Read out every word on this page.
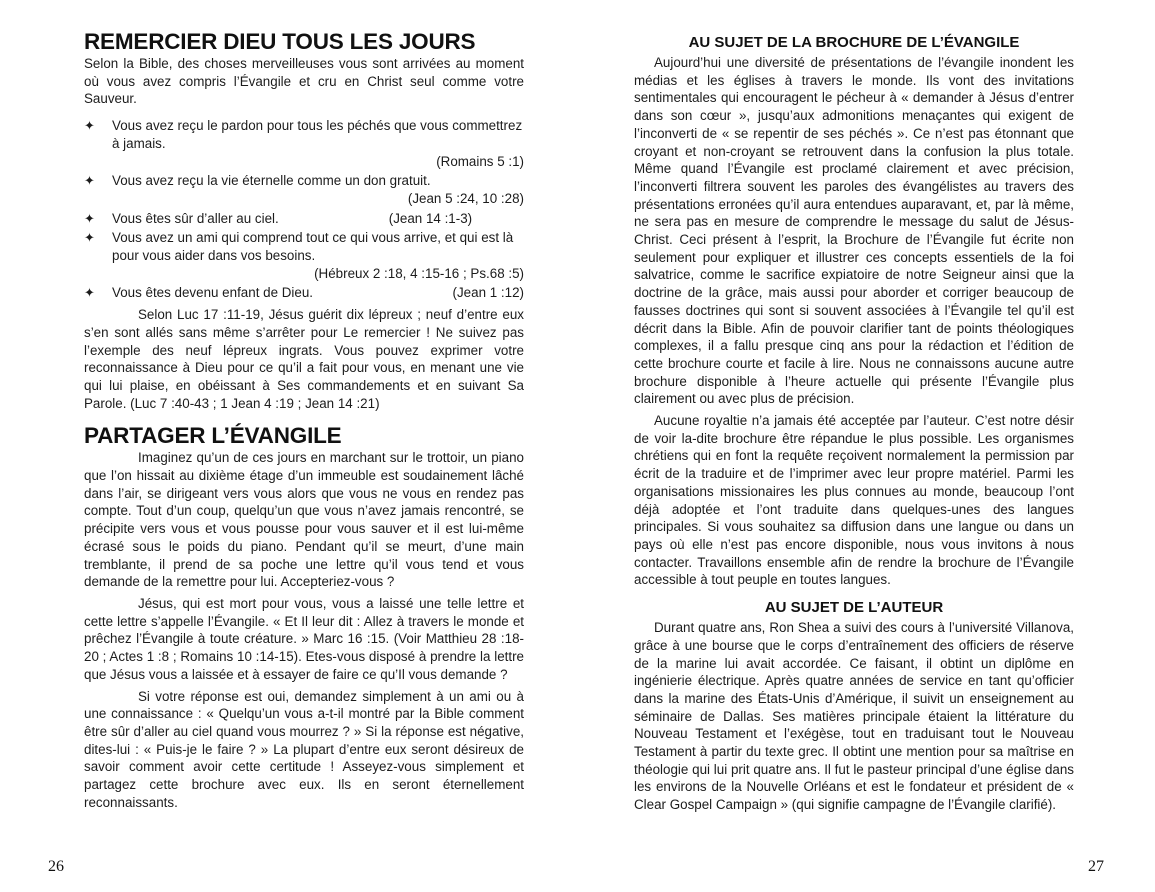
REMERCIER DIEU TOUS LES JOURS

Selon la Bible, des choses merveilleuses vous sont arrivées au moment où vous avez compris l’Évangile et cru en Christ seul comme votre Sauveur.

✦ Vous avez reçu le pardon pour tous les péchés que vous commettrez à jamais.
(Romains 5 :1)
✦ Vous avez reçu la vie éternelle comme un don gratuit.
(Jean 5 :24, 10 :28)
✦ Vous êtes sûr d’aller au ciel.	(Jean 14 :1-3)
✦ Vous avez un ami qui comprend tout ce qui vous arrive, et qui est là pour vous aider dans vos besoins.
(Hébreux 2 :18, 4 :15-16 ; Ps.68 :5)
✦ Vous êtes devenu enfant de Dieu.	(Jean 1 :12)

Selon Luc 17 :11-19, Jésus guérit dix lépreux ; neuf d’entre eux s’en sont allés sans même s’arrêter pour Le remercier ! Ne suivez pas l’exemple des neuf lépreux ingrats. Vous pouvez exprimer votre reconnaissance à Dieu pour ce qu’il a fait pour vous, en menant une vie qui lui plaise, en obéissant à Ses commandements et en suivant Sa Parole. (Luc 7 :40-43 ; 1 Jean 4 :19 ; Jean 14 :21)

PARTAGER L’ÉVANGILE

Imaginez qu’un de ces jours en marchant sur le trottoir, un piano que l’on hissait au dixième étage d’un immeuble est soudainement lâché dans l’air, se dirigeant vers vous alors que vous ne vous en rendez pas compte. Tout d’un coup, quelqu’un que vous n’avez jamais rencontré, se précipite vers vous et vous pousse pour vous sauver et il est lui-même écrasé sous le poids du piano. Pendant qu’il se meurt, d’une main tremblante, il prend de sa poche une lettre qu’il vous tend et vous demande de la remettre pour lui. Accepteriez-vous ?

Jésus, qui est mort pour vous, vous a laissé une telle lettre et cette lettre s’appelle l’Évangile. « Et Il leur dit : Allez à travers le monde et prêchez l’Évangile à toute créature. » Marc 16 :15. (Voir Matthieu 28 :18-20 ; Actes 1 :8 ; Romains 10 :14-15). Etes-vous disposé à prendre la lettre que Jésus vous a laissée et à essayer de faire ce qu’Il vous demande ?

Si votre réponse est oui, demandez simplement à un ami ou à une connaissance : « Quelqu’un vous a-t-il montré par la Bible comment être sûr d’aller au ciel quand vous mourrez ? » Si la réponse est négative, dites-lui : « Puis-je le faire ? » La plupart d’entre eux seront désireux de savoir comment avoir cette certitude ! Asseyez-vous simplement et partagez cette brochure avec eux. Ils en seront éternellement reconnaissants.

AU SUJET DE LA BROCHURE DE L’ÉVANGILE

Aujourd’hui une diversité de présentations de l’évangile inondent les médias et les églises à travers le monde. Ils vont des invitations sentimentales qui encouragent le pécheur à « demander à Jésus d’entrer dans son cœur », jusqu’aux admonitions menaçantes qui exigent de l’inconverti de « se repentir de ses péchés ». Ce n’est pas étonnant que croyant et non-croyant se retrouvent dans la confusion la plus totale. Même quand l’Évangile est proclamé clairement et avec précision, l’inconverti filtrera souvent les paroles des évangélistes au travers des présentations erronées qu’il aura entendues auparavant, et, par là même, ne sera pas en mesure de comprendre le message du salut de Jésus-Christ. Ceci présent à l’esprit, la Brochure de l’Évangile fut écrite non seulement pour expliquer et illustrer ces concepts essentiels de la foi salvatrice, comme le sacrifice expiatoire de notre Seigneur ainsi que la doctrine de la grâce, mais aussi pour aborder et corriger beaucoup de fausses doctrines qui sont si souvent associées à l’Évangile tel qu’il est décrit dans la Bible. Afin de pouvoir clarifier tant de points théologiques complexes, il a fallu presque cinq ans pour la rédaction et l’édition de cette brochure courte et facile à lire. Nous ne connaissons aucune autre brochure disponible à l’heure actuelle qui présente l’Évangile plus clairement ou avec plus de précision.

Aucune royaltie n’a jamais été acceptée par l’auteur. C’est notre désir de voir la-dite brochure être répandue le plus possible. Les organismes chrétiens qui en font la requête reçoivent normalement la permission par écrit de la traduire et de l’imprimer avec leur propre matériel. Parmi les organisations missionaires les plus connues au monde, beaucoup l’ont déjà adoptée et l’ont traduite dans quelques-unes des langues principales. Si vous souhaitez sa diffusion dans une langue ou dans un pays où elle n’est pas encore disponible, nous vous invitons à nous contacter. Travaillons ensemble afin de rendre la brochure de l’Évangile accessible à tout peuple en toutes langues.

AU SUJET DE L’AUTEUR

Durant quatre ans, Ron Shea a suivi des cours à l’université Villanova, grâce à une bourse que le corps d’entraînement des officiers de réserve de la marine lui avait accordée. Ce faisant, il obtint un diplôme en ingénierie électrique. Après quatre années de service en tant qu’officier dans la marine des États-Unis d’Amérique, il suivit un enseignement au séminaire de Dallas. Ses matières principale étaient la littérature du Nouveau Testament et l’exégèse, tout en traduisant tout le Nouveau Testament à partir du texte grec. Il obtint une mention pour sa maîtrise en théologie qui lui prit quatre ans. Il fut le pasteur principal d’une église dans les environs de la Nouvelle Orléans et est le fondateur et président de « Clear Gospel Campaign » (qui signifie campagne de l’Évangile clarifié).

26	27
